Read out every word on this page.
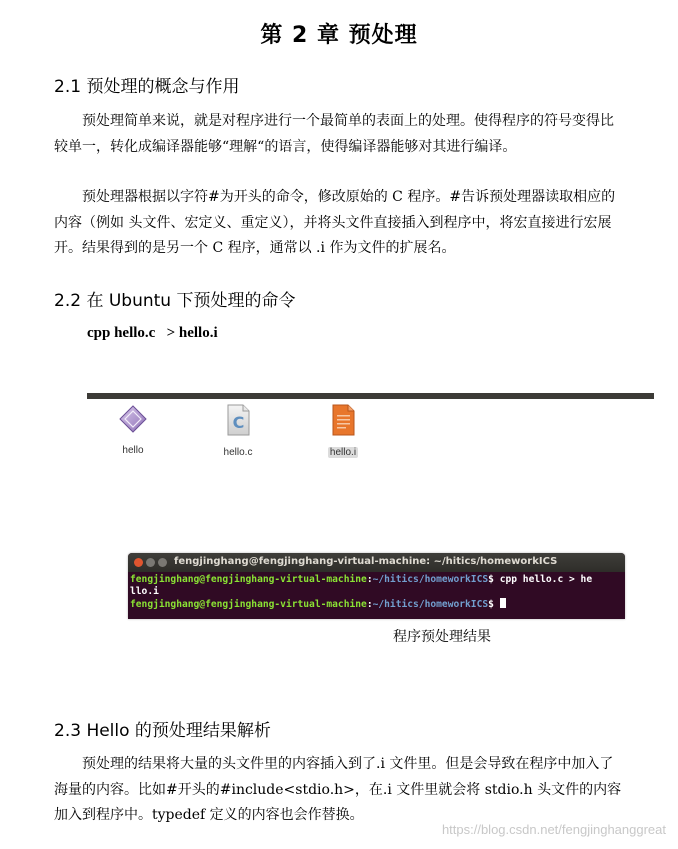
第 2 章 预处理
2.1 预处理的概念与作用

预处理简单来说，就是对程序进行一个最简单的表面上的处理。使得程序的符号变得比较单一，转化成编译器能够“理解“的语言，使得编译器能够对其进行编译。

预处理器根据以字符#为开头的命令，修改原始的 C 程序。#告诉预处理器读取相应的内容（例如 头文件、宏定义、重定义），并将头文件直接插入到程序中，将宏直接进行宏展开。结果得到的是另一个 C 程序，通常以 .i 作为文件的扩展名。

2.2 在 Ubuntu 下预处理的命令
cpp hello.c   > hello.i
hello
C
hello.c	hello.i
fengjinghang@fengjinghang-virtual-machine: ~/hitics/homeworkICS
fengjinghang@fengjinghang-virtual-machine:~/hitics/homeworkICS$ cpp hello.c > he
llo.i
fengjinghang@fengjinghang-virtual-machine:~/hitics/homeworkICS$
程序预处理结果
2.3 Hello 的预处理结果解析

预处理的结果将大量的头文件里的内容插入到了.i 文件里。但是会导致在程序中加入了海量的内容。比如#开头的#include<stdio.h>，在.i 文件里就会将 stdio.h 头文件的内容加入到程序中。typedef 定义的内容也会作替换。

https://blog.csdn.net/fengjinghanggreat
